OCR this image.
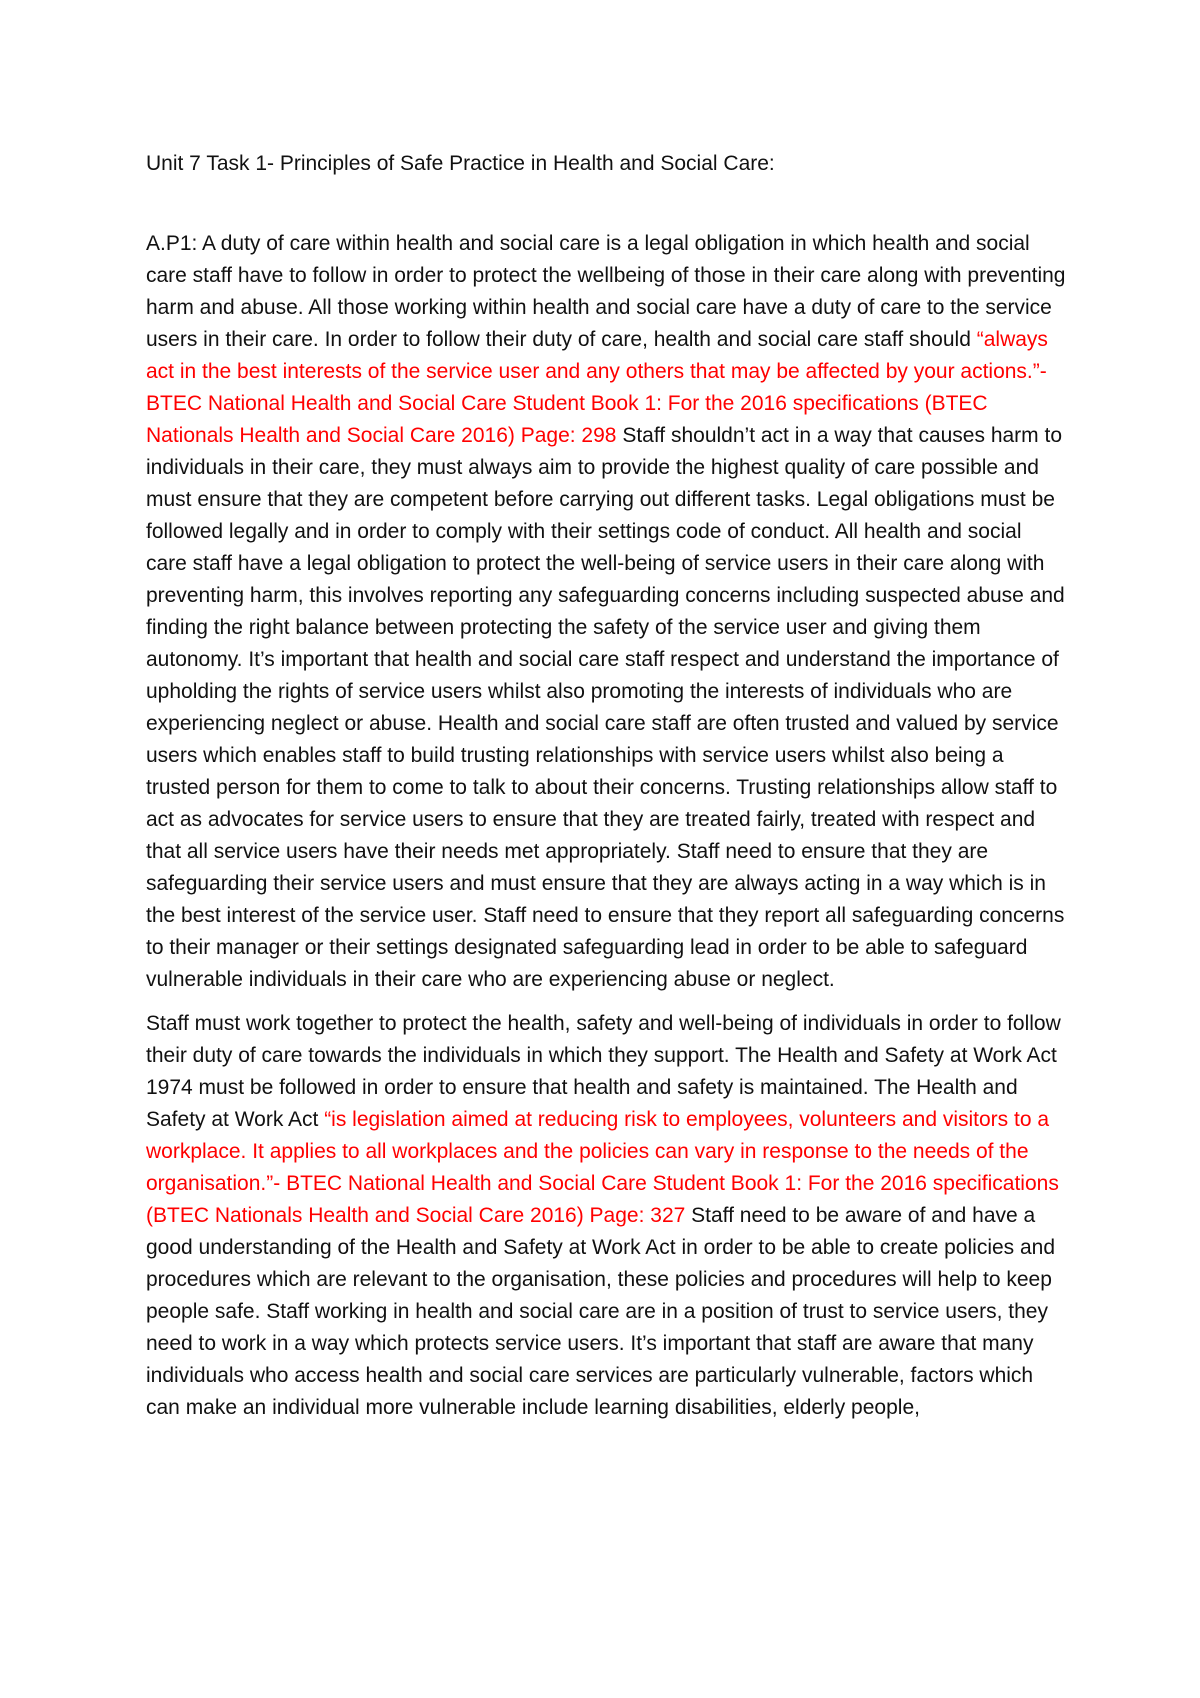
Unit 7 Task 1- Principles of Safe Practice in Health and Social Care:

A.P1: A duty of care within health and social care is a legal obligation in which health and social care staff have to follow in order to protect the wellbeing of those in their care along with preventing harm and abuse. All those working within health and social care have a duty of care to the service users in their care. In order to follow their duty of care, health and social care staff should “always act in the best interests of the service user and any others that may be affected by your actions.”- BTEC National Health and Social Care Student Book 1: For the 2016 specifications (BTEC Nationals Health and Social Care 2016) Page: 298 Staff shouldn’t act in a way that causes harm to individuals in their care, they must always aim to provide the highest quality of care possible and must ensure that they are competent before carrying out different tasks. Legal obligations must be followed legally and in order to comply with their settings code of conduct. All health and social care staff have a legal obligation to protect the well-being of service users in their care along with preventing harm, this involves reporting any safeguarding concerns including suspected abuse and finding the right balance between protecting the safety of the service user and giving them autonomy. It’s important that health and social care staff respect and understand the importance of upholding the rights of service users whilst also promoting the interests of individuals who are experiencing neglect or abuse. Health and social care staff are often trusted and valued by service users which enables staff to build trusting relationships with service users whilst also being a trusted person for them to come to talk to about their concerns. Trusting relationships allow staff to act as advocates for service users to ensure that they are treated fairly, treated with respect and that all service users have their needs met appropriately. Staff need to ensure that they are safeguarding their service users and must ensure that they are always acting in a way which is in the best interest of the service user. Staff need to ensure that they report all safeguarding concerns to their manager or their settings designated safeguarding lead in order to be able to safeguard vulnerable individuals in their care who are experiencing abuse or neglect.

Staff must work together to protect the health, safety and well-being of individuals in order to follow their duty of care towards the individuals in which they support. The Health and Safety at Work Act 1974 must be followed in order to ensure that health and safety is maintained. The Health and Safety at Work Act “is legislation aimed at reducing risk to employees, volunteers and visitors to a workplace. It applies to all workplaces and the policies can vary in response to the needs of the organisation.”- BTEC National Health and Social Care Student Book 1: For the 2016 specifications (BTEC Nationals Health and Social Care 2016) Page: 327 Staff need to be aware of and have a good understanding of the Health and Safety at Work Act in order to be able to create policies and procedures which are relevant to the organisation, these policies and procedures will help to keep people safe. Staff working in health and social care are in a position of trust to service users, they need to work in a way which protects service users. It’s important that staff are aware that many individuals who access health and social care services are particularly vulnerable, factors which can make an individual more vulnerable include learning disabilities, elderly people,
